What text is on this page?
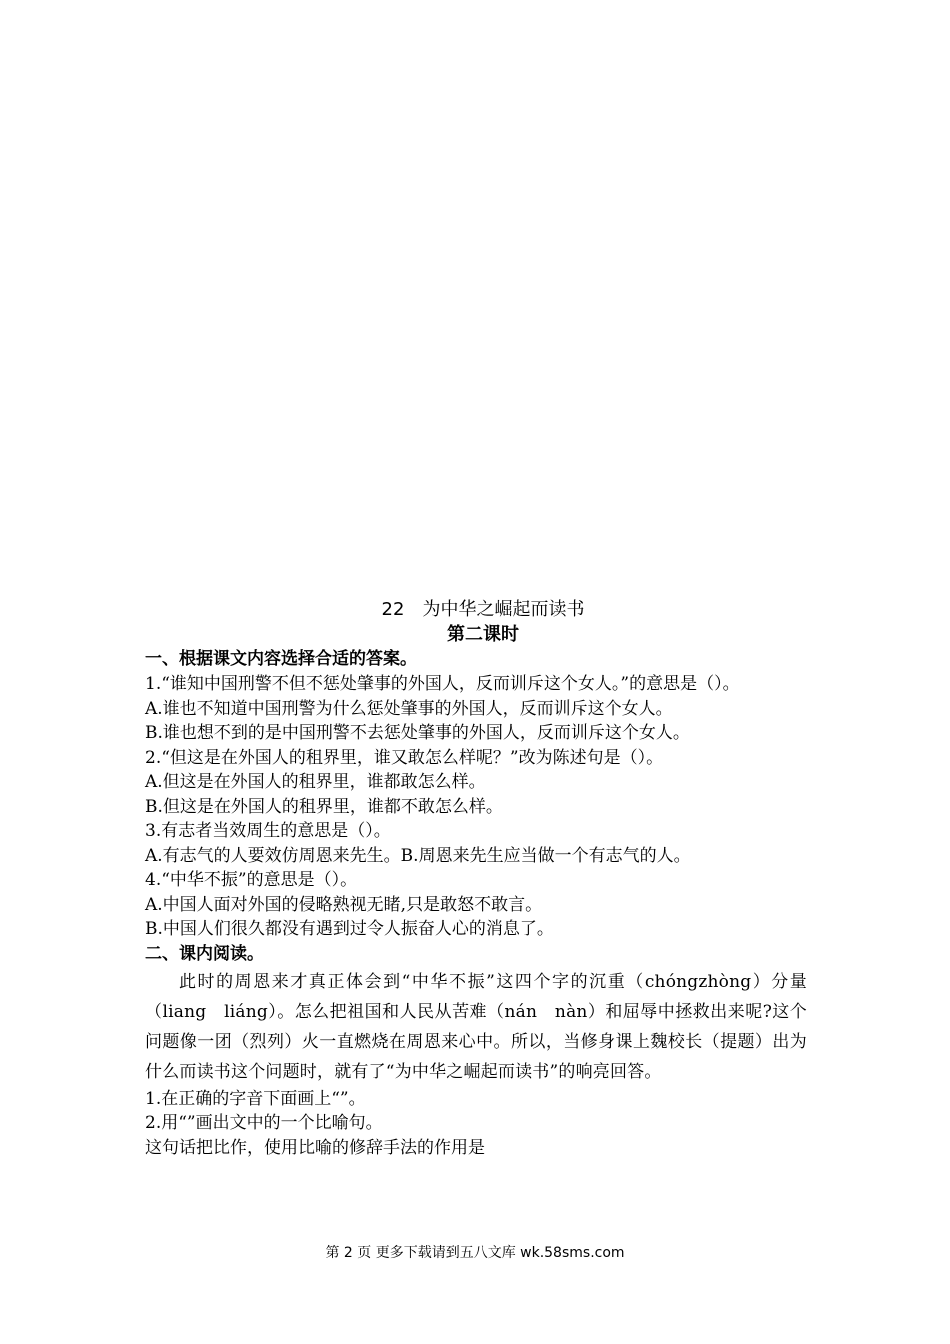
22　为中华之崛起而读书
第二课时
一、根据课文内容选择合适的答案。
1.“谁知中国刑警不但不惩处肇事的外国人，反而训斥这个女人。”的意思是（）。
A.谁也不知道中国刑警为什么惩处肇事的外国人，反而训斥这个女人。
B.谁也想不到的是中国刑警不去惩处肇事的外国人，反而训斥这个女人。
2.“但这是在外国人的租界里，谁又敢怎么样呢？”改为陈述句是（）。
A.但这是在外国人的租界里，谁都敢怎么样。
B.但这是在外国人的租界里，谁都不敢怎么样。
3.有志者当效周生的意思是（）。
A.有志气的人要效仿周恩来先生。B.周恩来先生应当做一个有志气的人。
4.“中华不振”的意思是（）。
A.中国人面对外国的侵略熟视无睹,只是敢怒不敢言。
B.中国人们很久都没有遇到过令人振奋人心的消息了。
二、课内阅读。
此时的周恩来才真正体会到“中华不振”这四个字的沉重（chóngzhòng）分量（liang　liáng）。怎么把祖国和人民从苦难（nán　nàn）和屈辱中拯救出来呢?这个问题像一团（烈列）火一直燃烧在周恩来心中。所以，当修身课上魏校长（提题）出为什么而读书这个问题时，就有了“为中华之崛起而读书”的响亮回答。
1.在正确的字音下面画上“”。
2.用“”画出文中的一个比喻句。
这句话把比作，使用比喻的修辞手法的作用是
第 2 页 更多下载请到五八文库 wk.58sms.com
